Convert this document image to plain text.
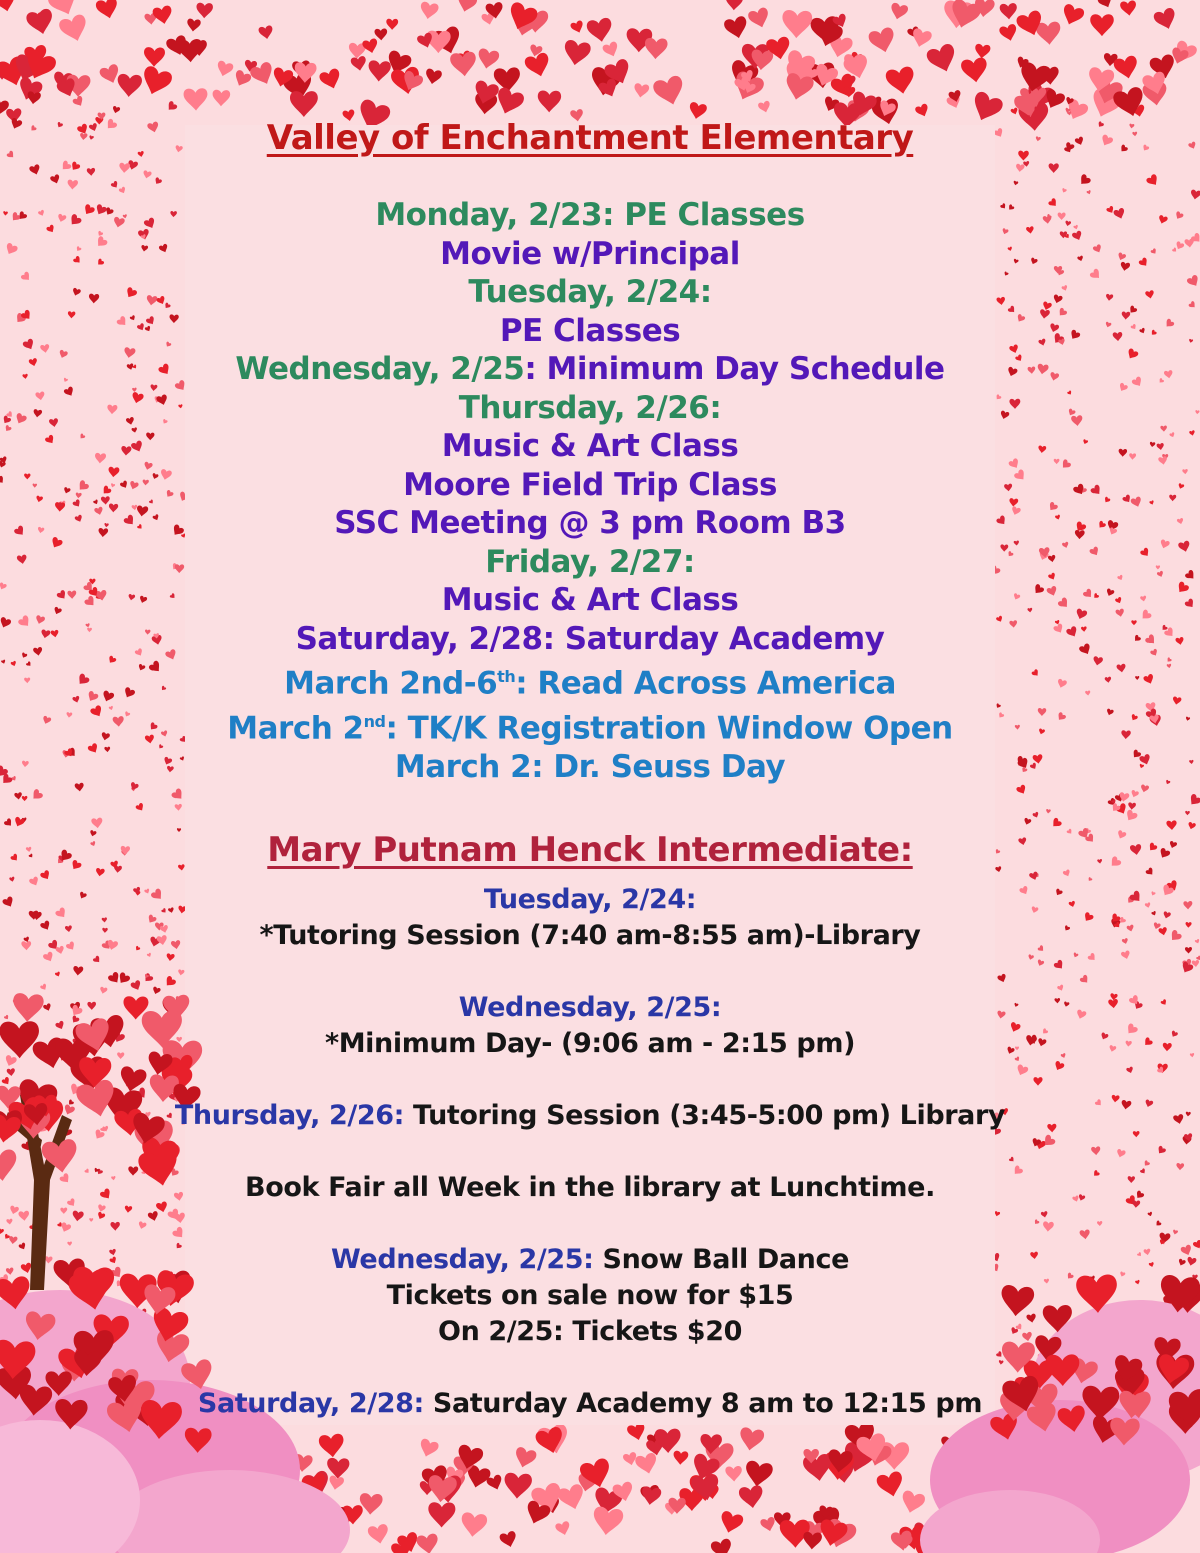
Valley of Enchantment Elementary
Monday, 2/23: PE Classes
Movie w/Principal
Tuesday, 2/24:
PE Classes
Wednesday, 2/25: Minimum Day Schedule
Thursday, 2/26:
Music & Art Class
Moore Field Trip Class
SSC Meeting @ 3 pm Room B3
Friday, 2/27:
Music & Art Class
Saturday, 2/28: Saturday Academy
March 2nd-6th: Read Across America
March 2nd: TK/K Registration Window Open
March 2: Dr. Seuss Day
Mary Putnam Henck Intermediate:
Tuesday, 2/24:
*Tutoring Session (7:40 am-8:55 am)-Library
Wednesday, 2/25:
*Minimum Day- (9:06 am - 2:15 pm)
Thursday, 2/26: Tutoring Session (3:45-5:00 pm) Library
Book Fair all Week in the library at Lunchtime.
Wednesday, 2/25: Snow Ball Dance
Tickets on sale now for $15
On 2/25: Tickets $20
Saturday, 2/28: Saturday Academy 8 am to 12:15 pm
